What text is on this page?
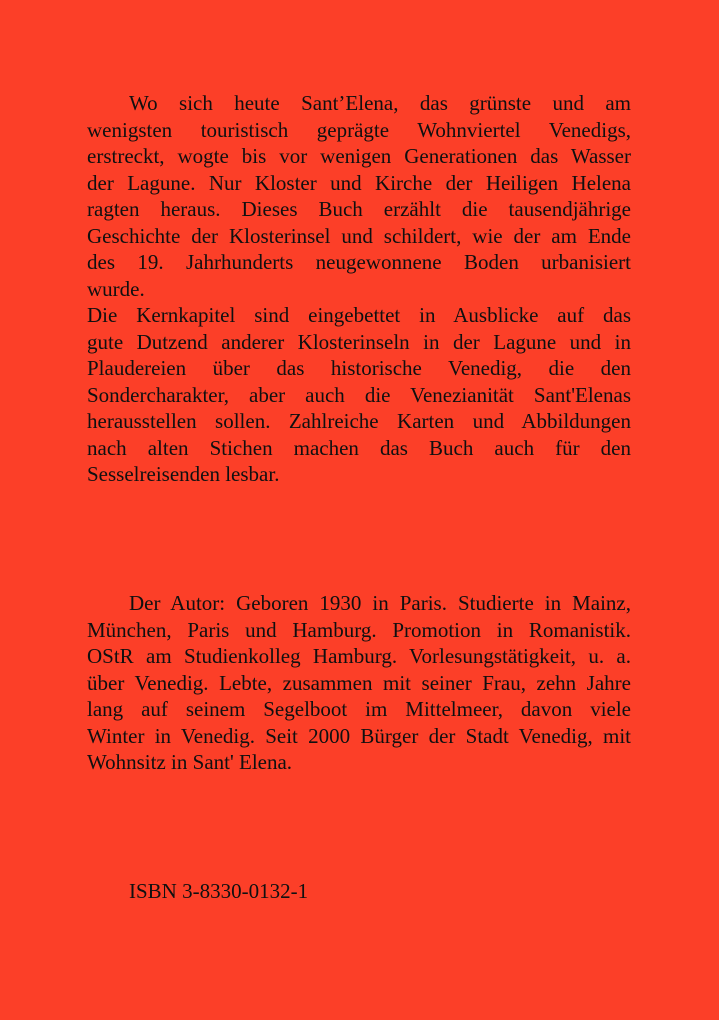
Wo sich heute Sant’Elena, das grünste und am
wenigsten touristisch geprägte Wohnviertel Venedigs,
erstreckt, wogte bis vor wenigen Generationen das Wasser
der Lagune. Nur Kloster und Kirche der Heiligen Helena
ragten heraus. Dieses Buch erzählt die tausendjährige
Geschichte der Klosterinsel und schildert, wie der am Ende
des 19. Jahrhunderts neugewonnene Boden urbanisiert
wurde.
Die Kernkapitel sind eingebettet in Ausblicke auf das
gute Dutzend anderer Klosterinseln in der Lagune und in
Plaudereien über das historische Venedig, die den
Sondercharakter, aber auch die Venezianität Sant'Elenas
herausstellen sollen. Zahlreiche Karten und Abbildungen
nach alten Stichen machen das Buch auch für den
Sesselreisenden lesbar.
Der Autor: Geboren 1930 in Paris. Studierte in Mainz,
München, Paris und Hamburg. Promotion in Romanistik.
OStR am Studienkolleg Hamburg. Vorlesungstätigkeit, u. a.
über Venedig. Lebte, zusammen mit seiner Frau, zehn Jahre
lang auf seinem Segelboot im Mittelmeer, davon viele
Winter in Venedig. Seit 2000 Bürger der Stadt Venedig, mit
Wohnsitz in Sant' Elena.
ISBN 3-8330-0132-1
